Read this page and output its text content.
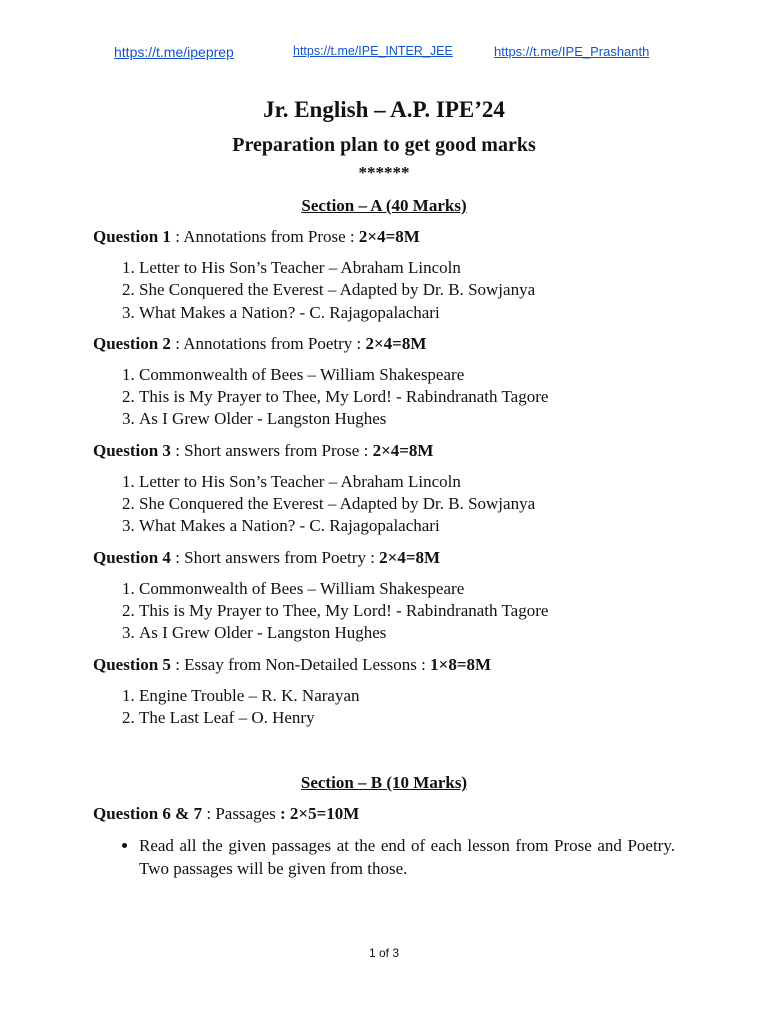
https://t.me/ipeprep	https://t.me/IPE_INTER_JEE	https://t.me/IPE_Prashanth
Jr. English – A.P. IPE’24
Preparation plan to get good marks
******
Section – A (40 Marks)

Question 1 : Annotations from Prose : 2×4=8M

1. Letter to His Son’s Teacher – Abraham Lincoln
2. She Conquered the Everest – Adapted by Dr. B. Sowjanya
3. What Makes a Nation? - C. Rajagopalachari

Question 2 : Annotations from Poetry : 2×4=8M

1. Commonwealth of Bees – William Shakespeare
2. This is My Prayer to Thee, My Lord! - Rabindranath Tagore
3. As I Grew Older - Langston Hughes

Question 3 : Short answers from Prose : 2×4=8M

1. Letter to His Son’s Teacher – Abraham Lincoln
2. She Conquered the Everest – Adapted by Dr. B. Sowjanya
3. What Makes a Nation? - C. Rajagopalachari

Question 4 : Short answers from Poetry : 2×4=8M

1. Commonwealth of Bees – William Shakespeare
2. This is My Prayer to Thee, My Lord! - Rabindranath Tagore
3. As I Grew Older - Langston Hughes

Question 5 : Essay from Non-Detailed Lessons : 1×8=8M

1. Engine Trouble – R. K. Narayan
2. The Last Leaf – O. Henry
Section – B (10 Marks)

Question 6 & 7 : Passages : 2×5=10M

• Read all the given passages at the end of each lesson from Prose and Poetry. Two passages will be given from those.
1 of 3
